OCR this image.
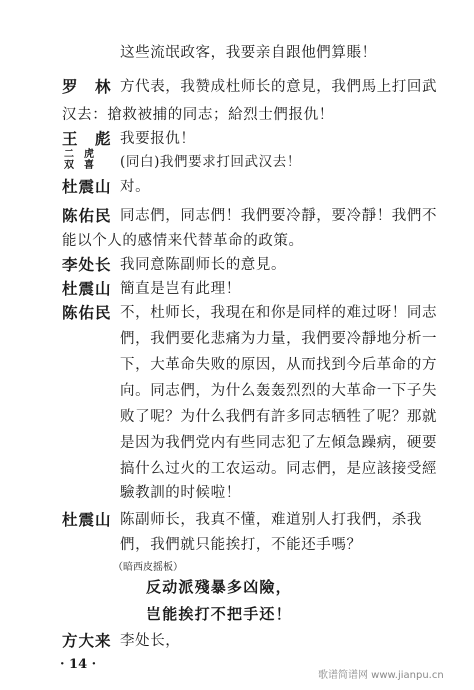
这些流氓政客，我要亲自跟他們算賬！
罗　林 方代表，我赞成杜师长的意見，我們馬上打回武
汉去：搶救被捕的同志；給烈士們报仇！
王　彪 我要报仇！
二　虎
双　喜 (同白)我們要求打回武汉去！
杜震山 对。
陈佑民 同志們，同志們！我們要冷靜，要冷靜！我們不
能以个人的感情来代替革命的政策。
李处长 我同意陈副师长的意見。
杜震山 簡直是岂有此理！
陈佑民 不，杜师长，我現在和你是同样的难过呀！同志
們，我們要化悲痛为力量，我們要冷靜地分析一
下，大革命失败的原因，从而找到今后革命的方
向。同志們，为什么轰轰烈烈的大革命一下子失
败了呢？为什么我們有許多同志牺牲了呢？那就
是因为我們党内有些同志犯了左傾急躁病，硬要
搞什么过火的工农运动。同志們，是应該接受經
驗教訓的时候啦！
杜震山 陈副师长，我真不懂，难道别人打我們，杀我
們，我們就只能挨打，不能还手嗎？
（暗西皮摇板）
反动派殘暴多凶險，
岂能挨打不把手还！
方大来 李处长，
· 14 ·
歌谱简谱网 www.jianpu.cn
